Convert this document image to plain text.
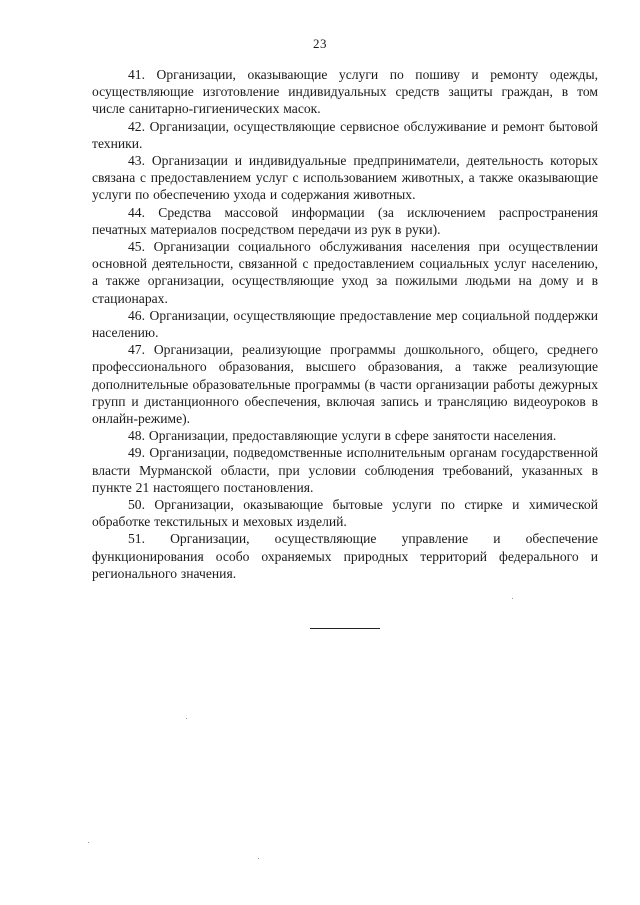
23

41. Организации, оказывающие услуги по пошиву и ремонту одежды, осуществляющие изготовление индивидуальных средств защиты граждан, в том числе санитарно-гигиенических масок.

42. Организации, осуществляющие сервисное обслуживание и ремонт бытовой техники.

43. Организации и индивидуальные предприниматели, деятельность которых связана с предоставлением услуг с использованием животных, а также оказывающие услуги по обеспечению ухода и содержания животных.

44. Средства массовой информации (за исключением распространения печатных материалов посредством передачи из рук в руки).

45. Организации социального обслуживания населения при осуществлении основной деятельности, связанной с предоставлением социальных услуг населению, а также организации, осуществляющие уход за пожилыми людьми на дому и в стационарах.

46. Организации, осуществляющие предоставление мер социальной поддержки населению.

47. Организации, реализующие программы дошкольного, общего, среднего профессионального образования, высшего образования, а также реализующие дополнительные образовательные программы (в части организации работы дежурных групп и дистанционного обеспечения, включая запись и трансляцию видеоуроков в онлайн-режиме).

48. Организации, предоставляющие услуги в сфере занятости населения.

49. Организации, подведомственные исполнительным органам государственной власти Мурманской области, при условии соблюдения требований, указанных в пункте 21 настоящего постановления.

50. Организации, оказывающие бытовые услуги по стирке и химической обработке текстильных и меховых изделий.

51. Организации, осуществляющие управление и обеспечение функционирования особо охраняемых природных территорий федерального и регионального значения.
